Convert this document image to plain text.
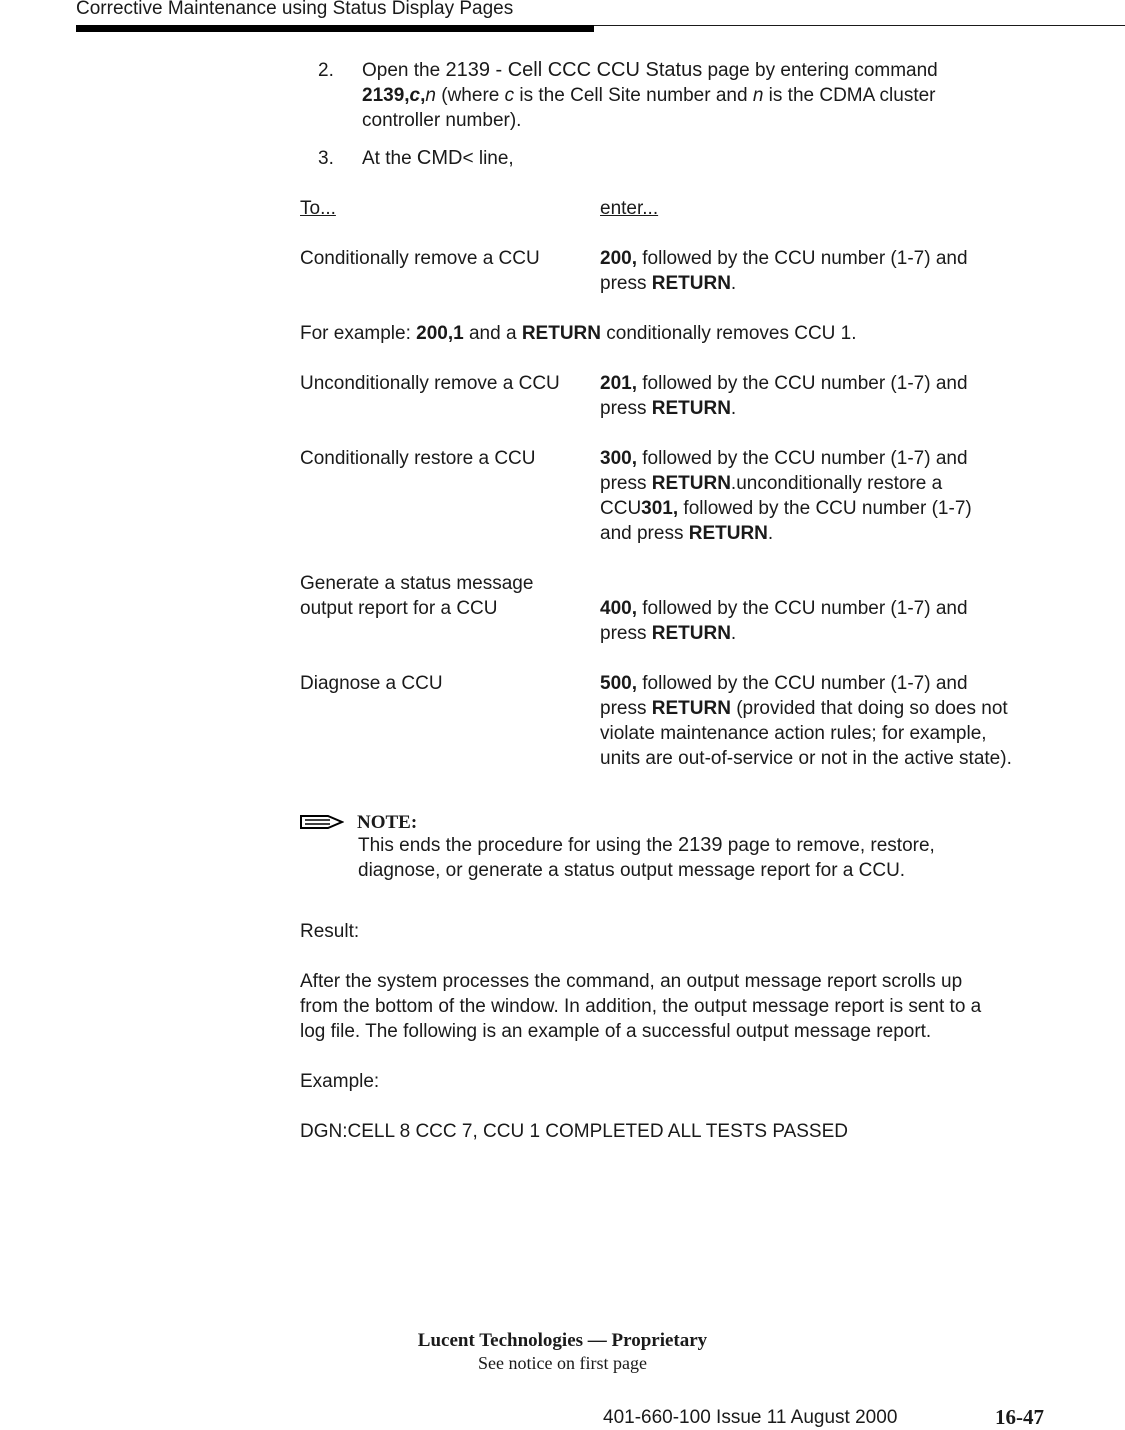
Corrective Maintenance using Status Display Pages
2. Open the 2139 - Cell CCC CCU Status page by entering command
2139,c,n (where c is the Cell Site number and n is the CDMA cluster
controller number).
3. At the CMD< line,
To...	enter...
Conditionally remove a CCU	200, followed by the CCU number (1-7) and
press RETURN.
For example: 200,1 and a RETURN conditionally removes CCU 1.
Unconditionally remove a CCU 201, followed by the CCU number (1-7) and
press RETURN.
Conditionally restore a CCU	300, followed by the CCU number (1-7) and
press RETURN.unconditionally restore a
CCU301, followed by the CCU number (1-7)
and press RETURN.
Generate a status message
output report for a CCU	400, followed by the CCU number (1-7) and
press RETURN.
Diagnose a CCU	500, followed by the CCU number (1-7) and
press RETURN (provided that doing so does not
violate maintenance action rules; for example,
units are out-of-service or not in the active state).
NOTE:
This ends the procedure for using the 2139 page to remove, restore,
diagnose, or generate a status output message report for a CCU.
Result:
After the system processes the command, an output message report scrolls up
from the bottom of the window. In addition, the output message report is sent to a
log file. The following is an example of a successful output message report.
Example:
DGN:CELL 8 CCC 7, CCU 1 COMPLETED ALL TESTS PASSED
Lucent Technologies — Proprietary
See notice on first page
401-660-100 Issue 11 August 2000	16-47
